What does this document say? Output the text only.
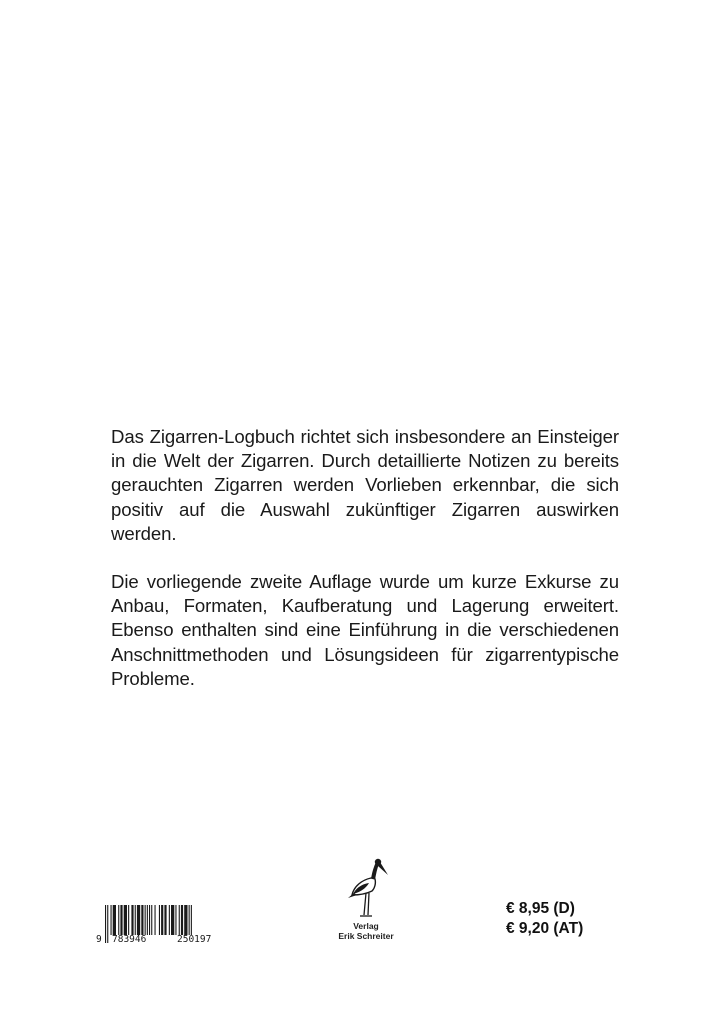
Das Zigarren-Logbuch richtet sich insbesondere an Einsteiger in die Welt der Zigarren. Durch detaillierte Notizen zu bereits gerauchten Zigarren werden Vorlieben erkennbar, die sich positiv auf die Auswahl zukünftiger Zigarren auswirken werden.

Die vorliegende zweite Auflage wurde um kurze Exkurse zu Anbau, Formaten, Kaufberatung und Lagerung erweitert. Ebenso enthalten sind eine Einführung in die verschiedenen Anschnittmethoden und Lösungsideen für zigarrentypische Probleme.

9 783946	250197
Verlag
Erik Schreiter
€ 8,95 (D)
€ 9,20 (AT)
